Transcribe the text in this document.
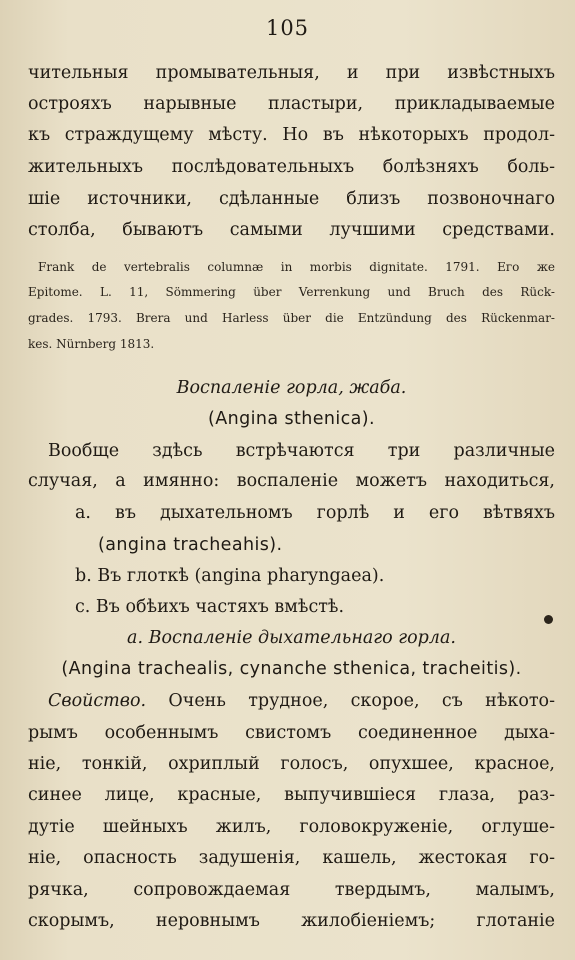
105
чительныя промывательныя, и при извѣстныхъ
острояхъ нарывные пластыри, прикладываемые
къ страждущему мѣсту. Но въ нѣкоторыхъ продол-
жительныхъ послѣдовательныхъ болѣзняхъ боль-
шіе источники, сдѣланные близъ позвоночнаго
столба, бываютъ самыми лучшими средствами.
Frank de vertebralis columnæ in morbis dignitate. 1791. Его же
Epitome. L. 11, Sömmering über Verrenkung und Bruch des Rück-
grades. 1793. Brera und Harless über die Entzündung des Rückenmar-
kes. Nürnberg 1813.
Воспаленіе горла, жаба.
(Angina sthenica).
Вообще здѣсь встрѣчаются три различные
случая, а имянно: воспаленіе можетъ находиться,
a. въ дыхательномъ горлѣ и его вѣтвяхъ
(angina tracheahis).
b. Въ глоткѣ (angina pharyngaea).
c. Въ обѣихъ частяхъ вмѣстѣ.
a. Воспаленіе дыхательнаго горла.
(Angina trachealis, cynanche sthenica, tracheitis).
Свойство. Очень трудное, скорое, съ нѣкото-
рымъ особеннымъ свистомъ соединенное дыха-
ніе, тонкій, охриплый голосъ, опухшее, красное,
синее лице, красные, выпучившіеся глаза, раз-
дутіе шейныхъ жилъ, головокруженіе, оглуше-
ніе, опасность задушенія, кашель, жестокая го-
рячка, сопровождаемая твердымъ, малымъ,
скорымъ, неровнымъ жилобіеніемъ; глотаніе
